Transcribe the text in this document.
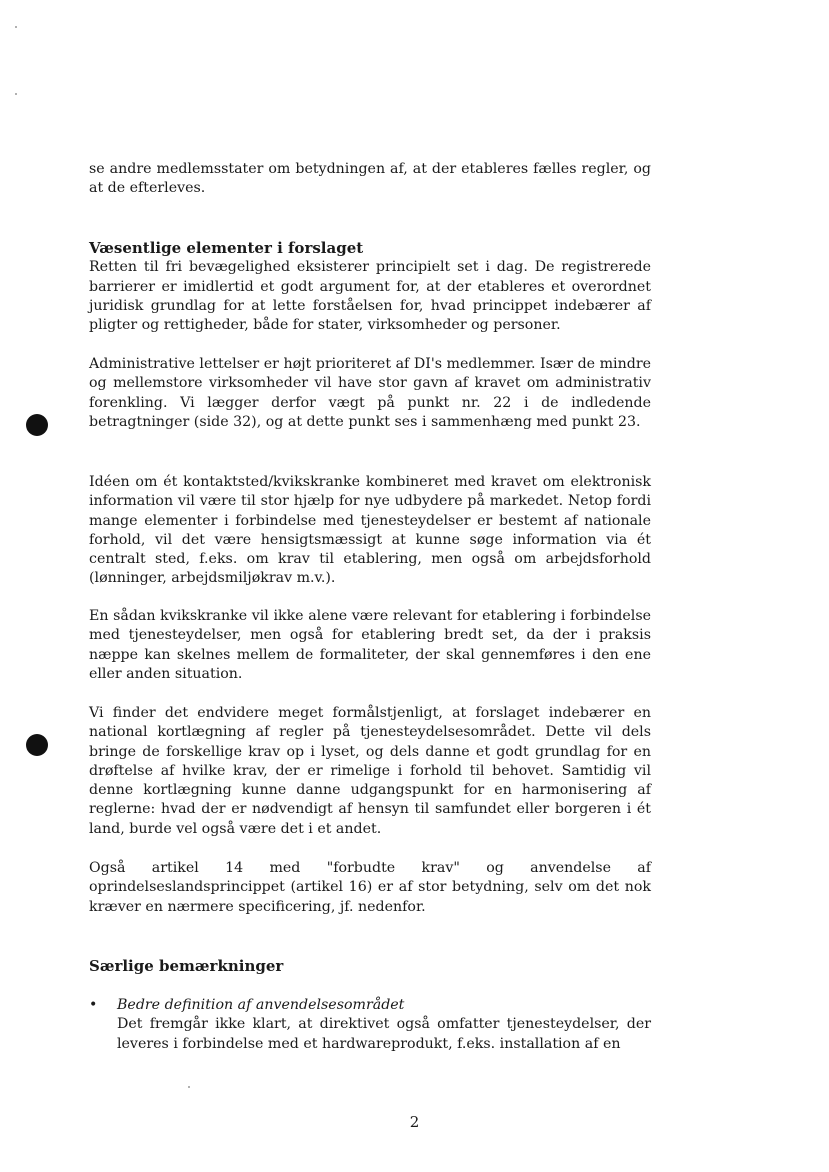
se andre medlemsstater om betydningen af, at der etableres fælles regler, og at de efterleves.

Væsentlige elementer i forslaget

Retten til fri bevægelighed eksisterer principielt set i dag. De registrerede barrierer er imidlertid et godt argument for, at der etableres et overordnet juridisk grundlag for at lette forståelsen for, hvad princippet indebærer af pligter og rettigheder, både for stater, virksomheder og personer.

Administrative lettelser er højt prioriteret af DI's medlemmer. Især de mindre og mellemstore virksomheder vil have stor gavn af kravet om administrativ forenkling. Vi lægger derfor vægt på punkt nr. 22 i de indledende betragtninger (side 32), og at dette punkt ses i sammenhæng med punkt 23.

Idéen om ét kontaktsted/kvikskranke kombineret med kravet om elektronisk information vil være til stor hjælp for nye udbydere på markedet. Netop fordi mange elementer i forbindelse med tjenesteydelser er bestemt af nationale forhold, vil det være hensigtsmæssigt at kunne søge information via ét centralt sted, f.eks. om krav til etablering, men også om arbejdsforhold (lønninger, arbejdsmiljøkrav m.v.).

En sådan kvikskranke vil ikke alene være relevant for etablering i forbindelse med tjenesteydelser, men også for etablering bredt set, da der i praksis næppe kan skelnes mellem de formaliteter, der skal gennemføres i den ene eller anden situation.

Vi finder det endvidere meget formålstjenligt, at forslaget indebærer en national kortlægning af regler på tjenesteydelsesområdet. Dette vil dels bringe de forskellige krav op i lyset, og dels danne et godt grundlag for en drøftelse af hvilke krav, der er rimelige i forhold til behovet. Samtidig vil denne kortlægning kunne danne udgangspunkt for en harmonisering af reglerne: hvad der er nødvendigt af hensyn til samfundet eller borgeren i ét land, burde vel også være det i et andet.

Også artikel 14 med "forbudte krav" og anvendelse af oprindelseslandsprincippet (artikel 16) er af stor betydning, selv om det nok kræver en nærmere specificering, jf. nedenfor.

Særlige bemærkninger

• Bedre definition af anvendelsesområdet
Det fremgår ikke klart, at direktivet også omfatter tjenesteydelser, der leveres i forbindelse med et hardwareprodukt, f.eks. installation af en
2
